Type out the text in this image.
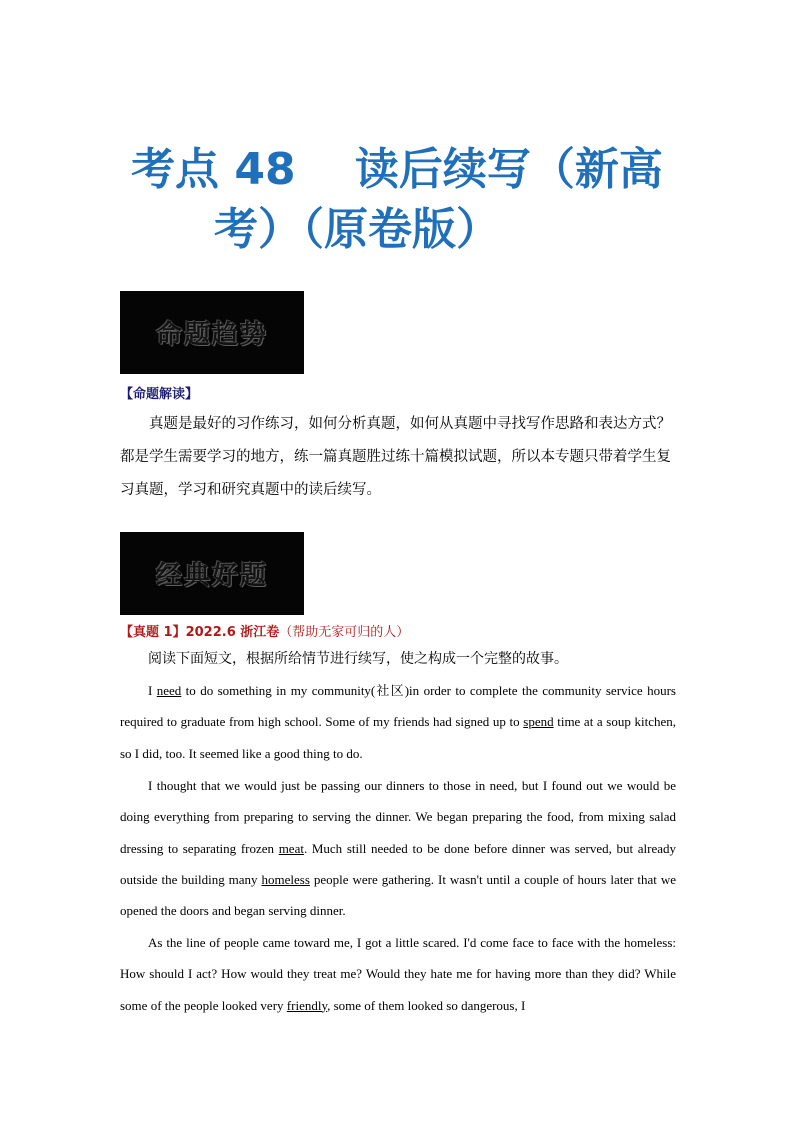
考点 48　 读后续写（新高
考）（原卷版）
命题趋势
【命题解读】

真题是最好的习作练习，如何分析真题，如何从真题中寻找写作思路和表达方式？都是学生需要学习的地方，练一篇真题胜过练十篇模拟试题，所以本专题只带着学生复习真题，学习和研究真题中的读后续写。

经典好题
【真题 1】2022.6 浙江卷（帮助无家可归的人）

阅读下面短文，根据所给情节进行续写，使之构成一个完整的故事。

I need to do something in my community(社区)in order to complete the community service hours required to graduate from high school. Some of my friends had signed up to spend time at a soup kitchen, so I did, too. It seemed like a good thing to do.

I thought that we would just be passing our dinners to those in need, but I found out we would be doing everything from preparing to serving the dinner. We began preparing the food, from mixing salad dressing to separating frozen meat. Much still needed to be done before dinner was served, but already outside the building many homeless people were gathering. It wasn't until a couple of hours later that we opened the doors and began serving dinner.

As the line of people came toward me, I got a little scared. I'd come face to face with the homeless: How should I act? How would they treat me? Would they hate me for having more than they did? While some of the people looked very friendly, some of them looked so dangerous, I
